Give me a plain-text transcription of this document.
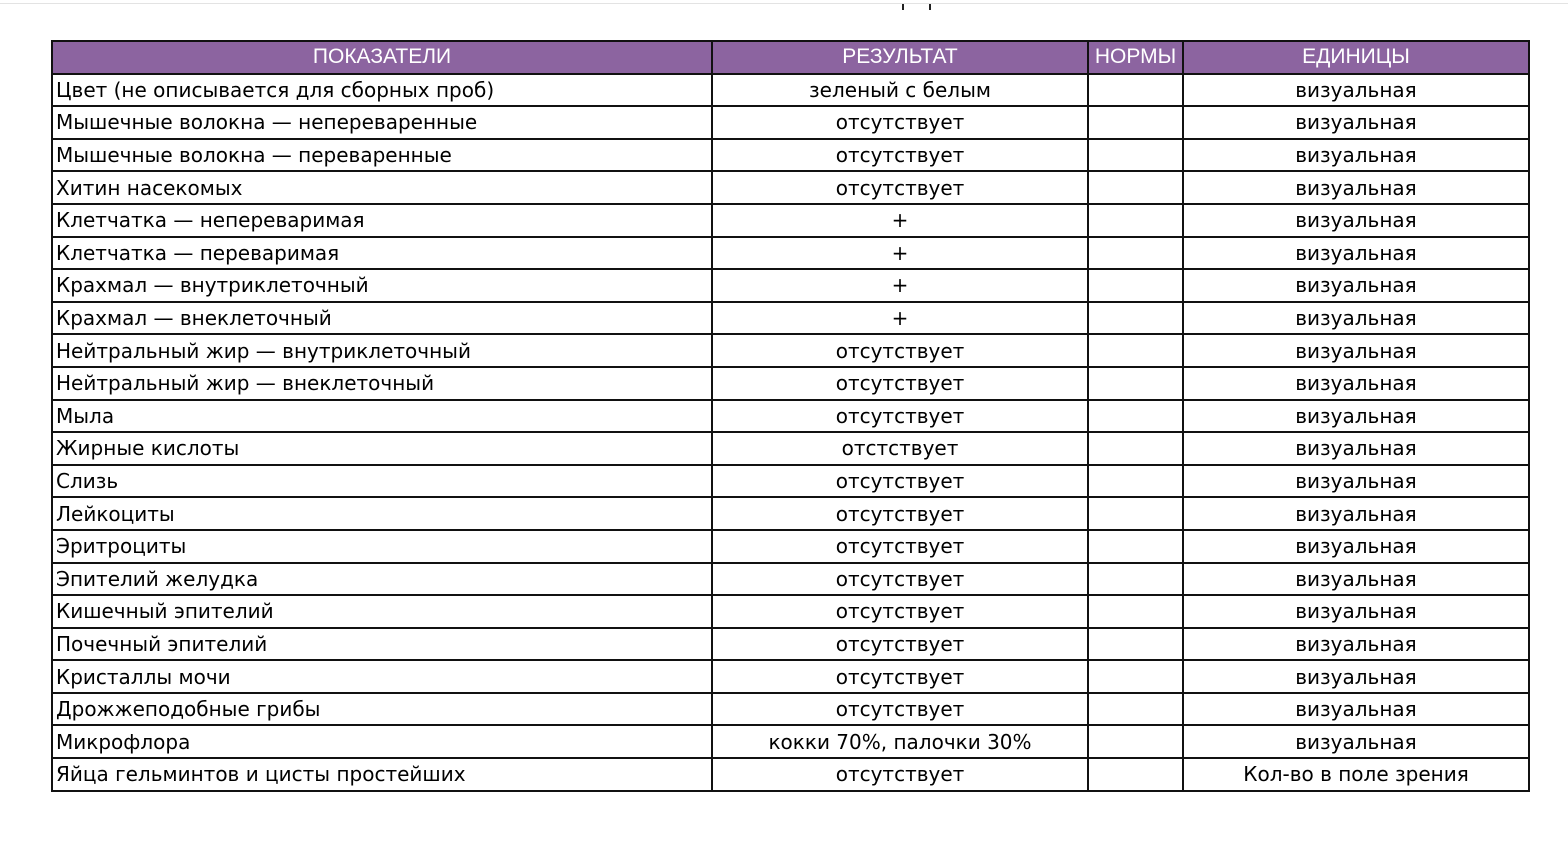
ПОКАЗАТЕЛИ	РЕЗУЛЬТАТ	НОРМЫ	ЕДИНИЦЫ
Цвет (не описывается для сборных проб)	зеленый с белым		визуальная
Мышечные волокна — непереваренные	отсутствует		визуальная
Мышечные волокна — переваренные	отсутствует		визуальная
Хитин насекомых	отсутствует		визуальная
Клетчатка — непереваримая	+		визуальная
Клетчатка — переваримая	+		визуальная
Крахмал — внутриклеточный	+		визуальная
Крахмал — внеклеточный	+		визуальная
Нейтральный жир — внутриклеточный	отсутствует		визуальная
Нейтральный жир — внеклеточный	отсутствует		визуальная
Мыла	отсутствует		визуальная
Жирные кислоты	отстствует		визуальная
Слизь	отсутствует		визуальная
Лейкоциты	отсутствует		визуальная
Эритроциты	отсутствует		визуальная
Эпителий желудка	отсутствует		визуальная
Кишечный эпителий	отсутствует		визуальная
Почечный эпителий	отсутствует		визуальная
Кристаллы мочи	отсутствует		визуальная
Дрожжеподобные грибы	отсутствует		визуальная
Микрофлора	кокки 70%, палочки 30%		визуальная
Яйца гельминтов и цисты простейших	отсутствует		Кол-во в поле зрения
